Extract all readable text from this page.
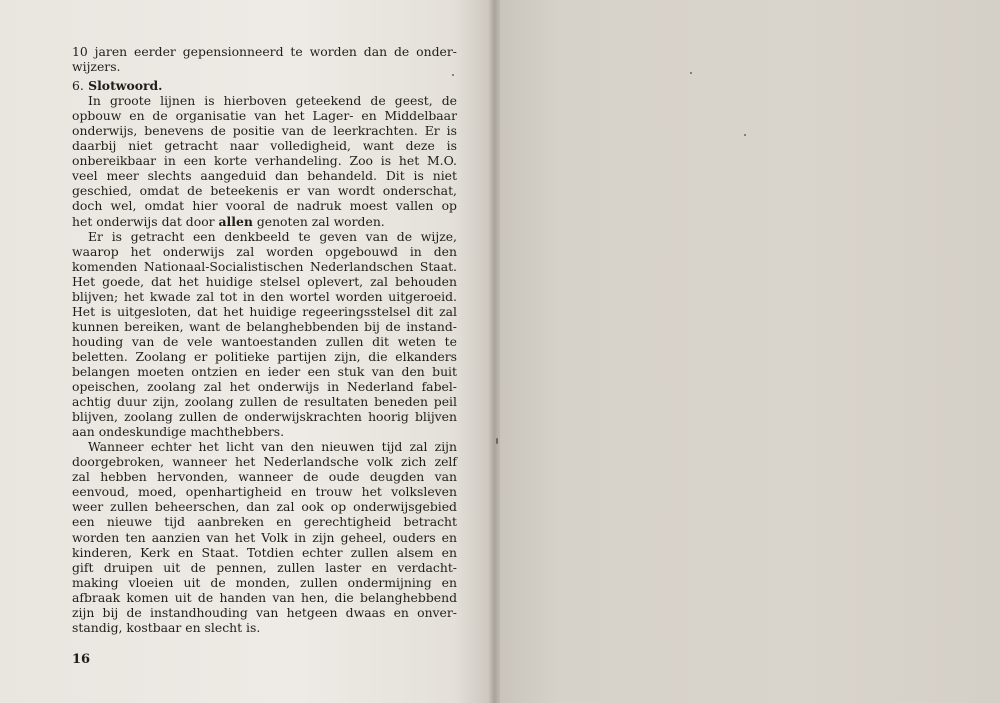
10 jaren eerder gepensionneerd te worden dan de onder-
wijzers.
6. Slotwoord.
In groote lijnen is hierboven geteekend de geest, de
opbouw en de organisatie van het Lager- en Middelbaar
onderwijs, benevens de positie van de leerkrachten. Er is
daarbij niet getracht naar volledigheid, want deze is
onbereikbaar in een korte verhandeling. Zoo is het M.O.
veel meer slechts aangeduid dan behandeld. Dit is niet
geschied, omdat de beteekenis er van wordt onderschat,
doch wel, omdat hier vooral de nadruk moest vallen op
het onderwijs dat door allen genoten zal worden.
Er is getracht een denkbeeld te geven van de wijze,
waarop het onderwijs zal worden opgebouwd in den
komenden Nationaal-Socialistischen Nederlandschen Staat.
Het goede, dat het huidige stelsel oplevert, zal behouden
blijven; het kwade zal tot in den wortel worden uitgeroeid.
Het is uitgesloten, dat het huidige regeeringsstelsel dit zal
kunnen bereiken, want de belanghebbenden bij de instand-
houding van de vele wantoestanden zullen dit weten te
beletten. Zoolang er politieke partijen zijn, die elkanders
belangen moeten ontzien en ieder een stuk van den buit
opeischen, zoolang zal het onderwijs in Nederland fabel-
achtig duur zijn, zoolang zullen de resultaten beneden peil
blijven, zoolang zullen de onderwijskrachten hoorig blijven
aan ondeskundige machthebbers.
Wanneer echter het licht van den nieuwen tijd zal zijn
doorgebroken, wanneer het Nederlandsche volk zich zelf
zal hebben hervonden, wanneer de oude deugden van
eenvoud, moed, openhartigheid en trouw het volksleven
weer zullen beheerschen, dan zal ook op onderwijsgebied
een nieuwe tijd aanbreken en gerechtigheid betracht
worden ten aanzien van het Volk in zijn geheel, ouders en
kinderen, Kerk en Staat. Totdien echter zullen alsem en
gift druipen uit de pennen, zullen laster en verdacht-
making vloeien uit de monden, zullen ondermijning en
afbraak komen uit de handen van hen, die belanghebbend
zijn bij de instandhouding van hetgeen dwaas en onver-
standig, kostbaar en slecht is.
16
